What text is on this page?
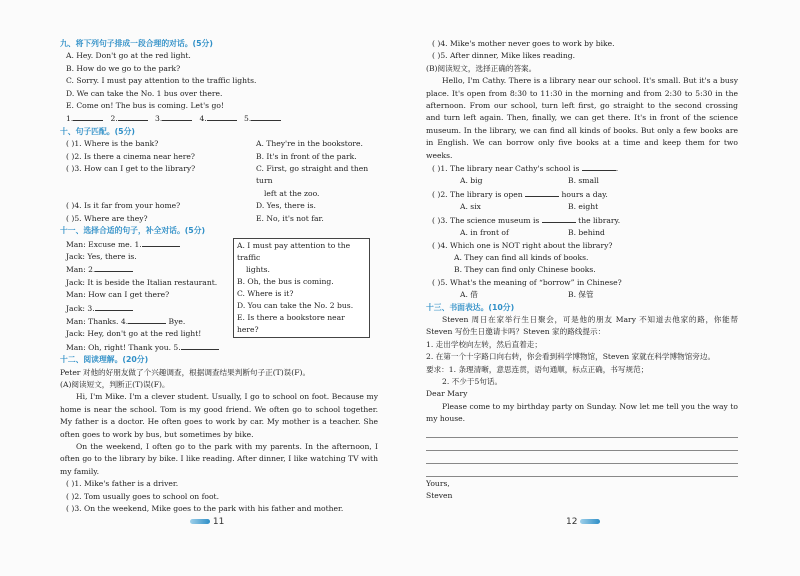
九、将下列句子排成一段合理的对话。(5分)
A. Hey. Don't go at the red light.
B. How do we go to the park?
C. Sorry. I must pay attention to the traffic lights.
D. We can take the No. 1 bus over there.
E. Come on! The bus is coming. Let's go!
1.	2.	3.	4.	5.
十、句子匹配。(5分)
( )1. Where is the bank?	A. They're in the bookstore.
( )2. Is there a cinema near here?	B. It's in front of the park.
( )3. How can I get to the library?	C. First, go straight and then turn
left at the zoo.
( )4. Is it far from your home?	D. Yes, there is.
( )5. Where are they?	E. No, it's not far.
十一、选择合适的句子，补全对话。(5分)
Man: Excuse me. 1.
Jack: Yes, there is.
Man: 2.
Jack: It is beside the Italian restaurant.
Man: How can I get there?
Jack: 3.
Man: Thanks. 4.	Bye.
Jack: Hey, don't go at the red light!
Man: Oh, right! Thank you. 5.
A. I must pay attention to the traffic
lights.
B. Oh, the bus is coming.
C. Where is it?
D. You can take the No. 2 bus.
E. Is there a bookstore near here?
十二、阅读理解。(20分)
Peter 对他的好朋友做了个兴趣调查，根据调查结果判断句子正(T)误(F)。
(A)阅读短文，判断正(T)误(F)。
Hi, I'm Mike. I'm a clever student. Usually, I go to school on foot. Because my home is near the school. Tom is my good friend. We often go to school together. My father is a doctor. He often goes to work by car. My mother is a teacher. She often goes to work by bus, but sometimes by bike.
On the weekend, I often go to the park with my parents. In the afternoon, I often go to the library by bike. I like reading. After dinner, I like watching TV with my family.
( )1. Mike's father is a driver.
( )2. Tom usually goes to school on foot.
( )3. On the weekend, Mike goes to the park with his father and mother.
11
( )4. Mike's mother never goes to work by bike.
( )5. After dinner, Mike likes reading.
(B)阅读短文，选择正确的答案。
Hello, I'm Cathy. There is a library near our school. It's small. But it's a busy place. It's open from 8:30 to 11:30 in the morning and from 2:30 to 5:30 in the afternoon. From our school, turn left first, go straight to the second crossing and turn left again. Then, finally, we can get there. It's in front of the science museum. In the library, we can find all kinds of books. But only a few books are in English. We can borrow only five books at a time and keep them for two weeks.
( )1. The library near Cathy's school is	.
A. big	B. small
( )2. The library is open	hours a day.
A. six	B. eight
( )3. The science museum is	the library.
A. in front of	B. behind
( )4. Which one is NOT right about the library?
A. They can find all kinds of books.
B. They can find only Chinese books.
( )5. What's the meaning of “borrow” in Chinese?
A. 借	B. 保管
十三、书面表达。(10分)
Steven 周日在家举行生日聚会，可是他的朋友 Mary 不知道去他家的路，你能帮 Steven 写份生日邀请卡吗？Steven 家的路线提示：
1. 走出学校向左转，然后直着走；
2. 在第一个十字路口向右转，你会看到科学博物馆，Steven 家就在科学博物馆旁边。
要求：1. 条理清晰，意思连贯，语句通顺，标点正确，书写规范；
2. 不少于5句话。
Dear Mary
Please come to my birthday party on Sunday. Now let me tell you the way to my house.
Yours,
Steven
12
